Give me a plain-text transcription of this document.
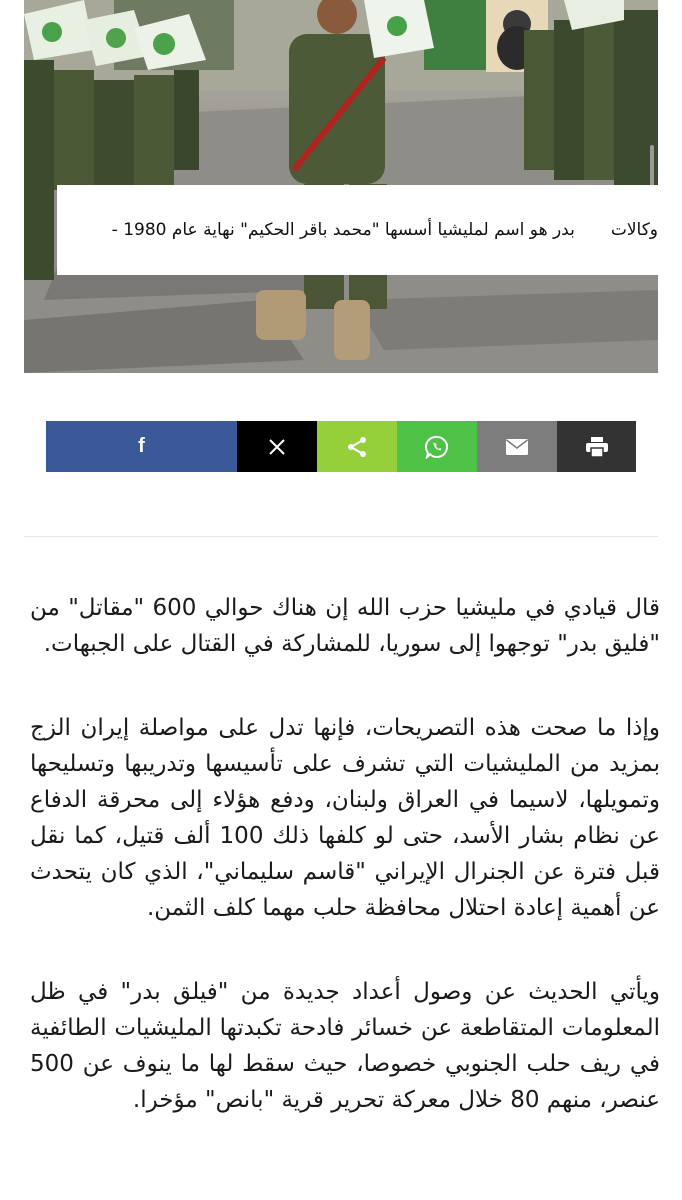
وكالات
بدر هو اسم لمليشيا أسسها "محمد باقر الحكيم" نهاية عام 1980 -
f

قال قيادي في مليشيا حزب الله إن هناك حوالي 600 "مقاتل" من "فليق بدر" توجهوا إلى سوريا، للمشاركة في القتال على الجبهات.

وإذا ما صحت هذه التصريحات، فإنها تدل على مواصلة إيران الزج بمزيد من المليشيات التي تشرف على تأسيسها وتدريبها وتسليحها وتمويلها، لاسيما في العراق ولبنان، ودفع هؤلاء إلى محرقة الدفاع عن نظام بشار الأسد، حتى لو كلفها ذلك 100 ألف قتيل، كما نقل قبل فترة عن الجنرال الإيراني "قاسم سليماني"، الذي كان يتحدث عن أهمية إعادة احتلال محافظة حلب مهما كلف الثمن.

ويأتي الحديث عن وصول أعداد جديدة من "فيلق بدر" في ظل المعلومات المتقاطعة عن خسائر فادحة تكبدتها المليشيات الطائفية في ريف حلب الجنوبي خصوصا، حيث سقط لها ما ينوف عن 500 عنصر، منهم 80 خلال معركة تحرير قرية "بانص" مؤخرا.
